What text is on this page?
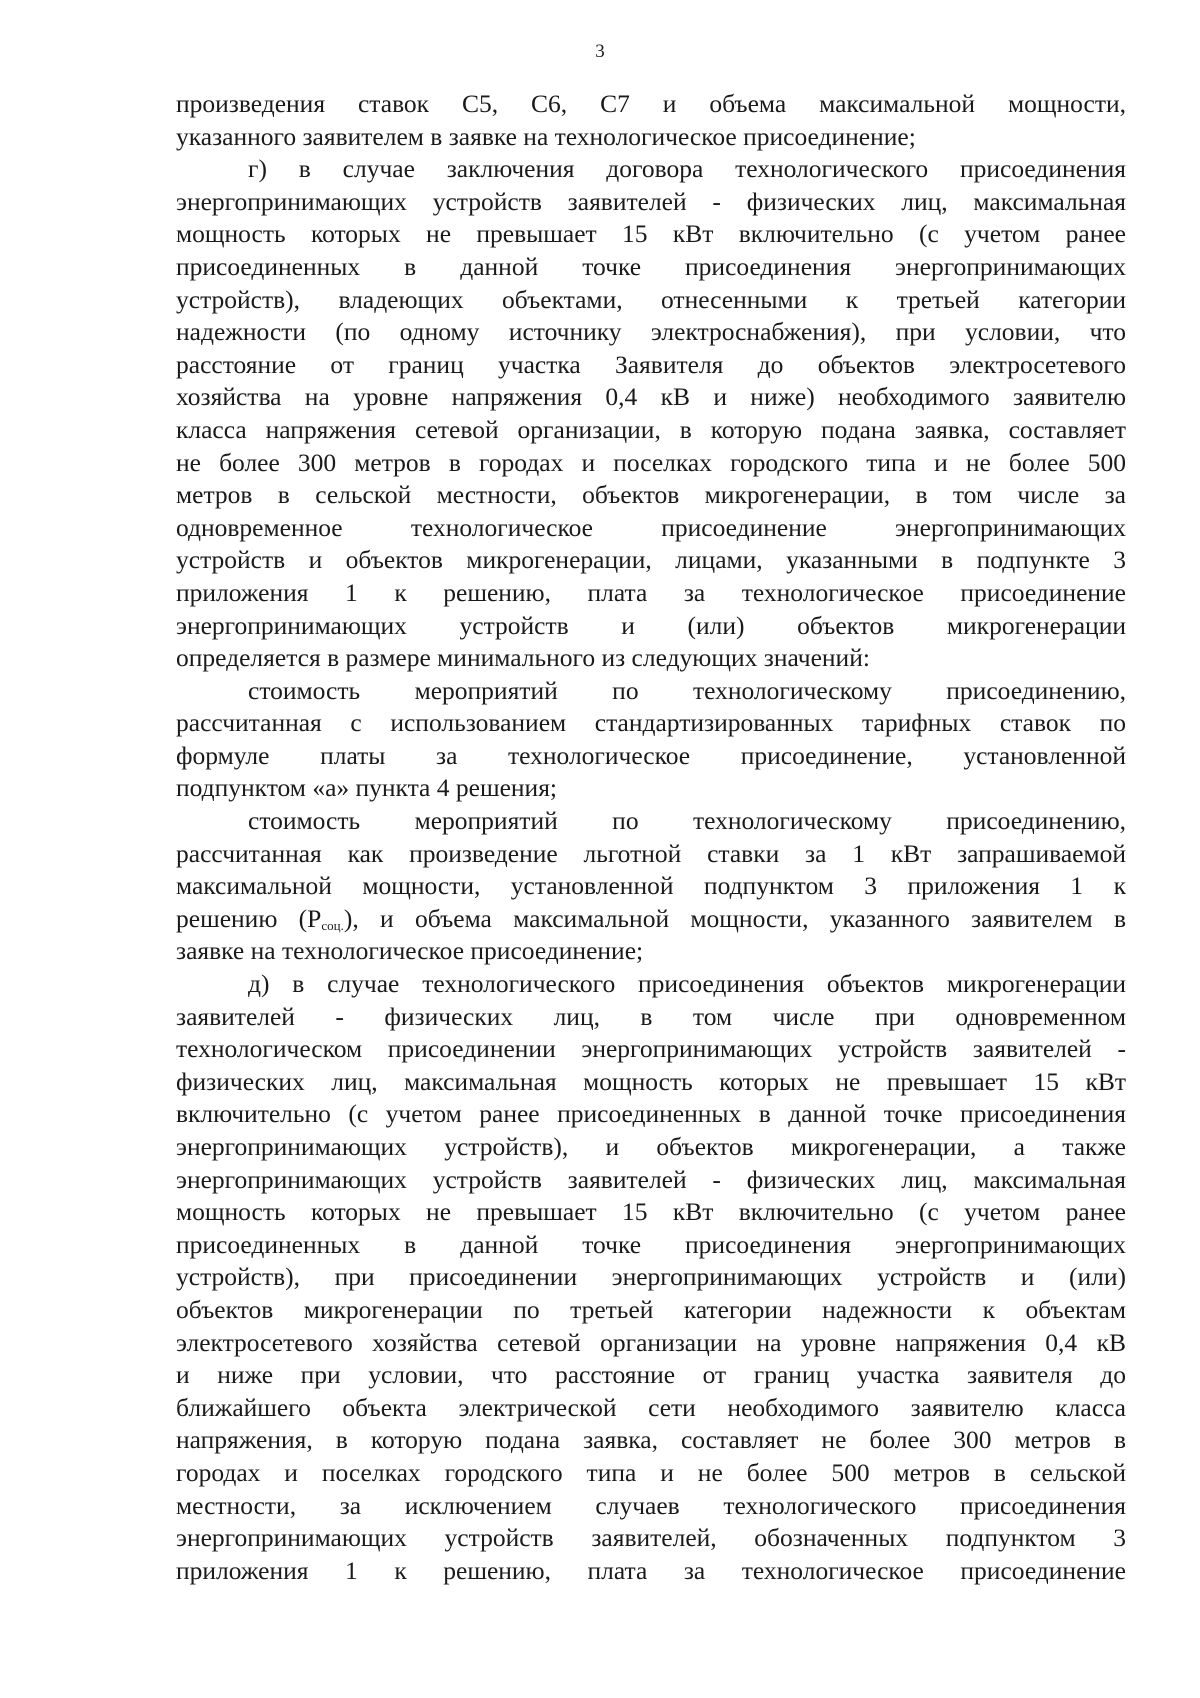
3
произведения ставок С5, С6, С7 и объема максимальной мощности,
указанного заявителем в заявке на технологическое присоединение;
г) в случае заключения договора технологического присоединения
энергопринимающих устройств заявителей - физических лиц, максимальная
мощность которых не превышает 15 кВт включительно (с учетом ранее
присоединенных в данной точке присоединения энергопринимающих
устройств), владеющих объектами, отнесенными к третьей категории
надежности (по одному источнику электроснабжения), при условии, что
расстояние от границ участка Заявителя до объектов электросетевого
хозяйства на уровне напряжения 0,4 кВ и ниже) необходимого заявителю
класса напряжения сетевой организации, в которую подана заявка, составляет
не более 300 метров в городах и поселках городского типа и не более 500
метров в сельской местности, объектов микрогенерации, в том числе за
одновременное технологическое присоединение энергопринимающих
устройств и объектов микрогенерации, лицами, указанными в подпункте 3
приложения 1 к решению, плата за технологическое присоединение
энергопринимающих устройств и (или) объектов микрогенерации
определяется в размере минимального из следующих значений:
стоимость мероприятий по технологическому присоединению,
рассчитанная с использованием стандартизированных тарифных ставок по
формуле платы за технологическое присоединение, установленной
подпунктом «а» пункта 4 решения;
стоимость мероприятий по технологическому присоединению,
рассчитанная как произведение льготной ставки за 1 кВт запрашиваемой
максимальной мощности, установленной подпунктом 3 приложения 1 к
решению $(P_{соц.})$, и объема максимальной мощности, указанного заявителем в
заявке на технологическое присоединение;
д) в случае технологического присоединения объектов микрогенерации
заявителей - физических лиц, в том числе при одновременном
технологическом присоединении энергопринимающих устройств заявителей -
физических лиц, максимальная мощность которых не превышает 15 кВт
включительно (с учетом ранее присоединенных в данной точке присоединения
энергопринимающих устройств), и объектов микрогенерации, а также
энергопринимающих устройств заявителей - физических лиц, максимальная
мощность которых не превышает 15 кВт включительно (с учетом ранее
присоединенных в данной точке присоединения энергопринимающих
устройств), при присоединении энергопринимающих устройств и (или)
объектов микрогенерации по третьей категории надежности к объектам
электросетевого хозяйства сетевой организации на уровне напряжения 0,4 кВ
и ниже при условии, что расстояние от границ участка заявителя до
ближайшего объекта электрической сети необходимого заявителю класса
напряжения, в которую подана заявка, составляет не более 300 метров в
городах и поселках городского типа и не более 500 метров в сельской
местности, за исключением случаев технологического присоединения
энергопринимающих устройств заявителей, обозначенных подпунктом 3
приложения 1 к решению, плата за технологическое присоединение
